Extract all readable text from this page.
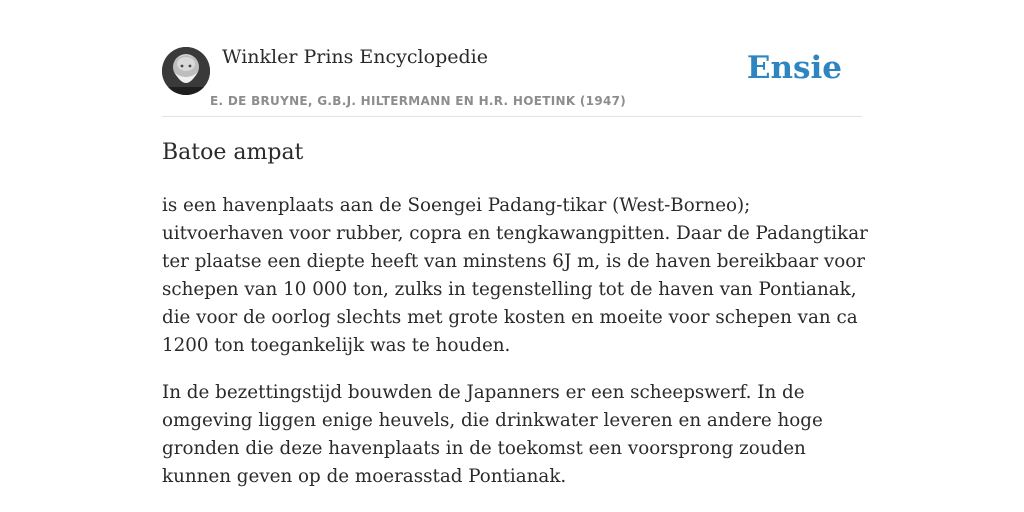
Winkler Prins Encyclopedie
E. DE BRUYNE, G.B.J. HILTERMANN EN H.R. HOETINK (1947)
Ensie
Batoe ampat

is een havenplaats aan de Soengei Padang-tikar (West-Borneo); uitvoerhaven voor rubber, copra en tengkawangpitten. Daar de Padangtikar ter plaatse een diepte heeft van minstens 6J m, is de haven bereikbaar voor schepen van 10 000 ton, zulks in tegenstelling tot de haven van Pontianak, die voor de oorlog slechts met grote kosten en moeite voor schepen van ca 1200 ton toegankelijk was te houden.

In de bezettingstijd bouwden de Japanners er een scheepswerf. In de omgeving liggen enige heuvels, die drinkwater leveren en andere hoge gronden die deze havenplaats in de toekomst een voorsprong zouden kunnen geven op de moerasstad Pontianak.
